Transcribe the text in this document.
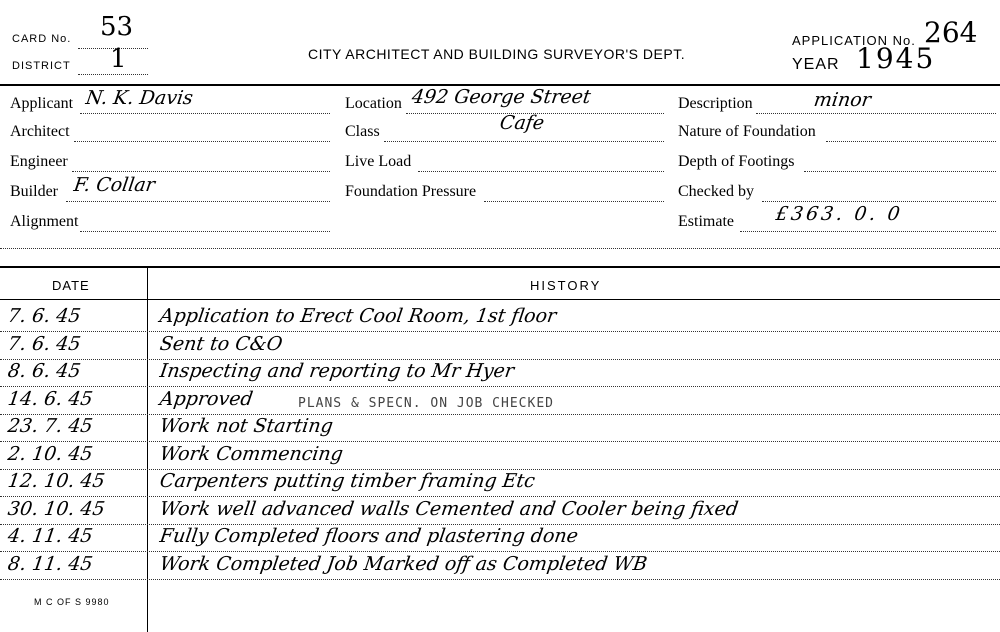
CARD No. 53
DISTRICT 1	CITY ARCHITECT AND BUILDING SURVEYOR'S DEPT.
APPLICATION No. 264
YEAR 1945
Applicant N. K. Davis
Architect
Engineer
Builder F. Collar
Alignment
Location 492 George Street
Class	Cafe
Live Load
Foundation Pressure
Description	minor
Nature of Foundation
Depth of Footings
Checked by
Estimate £363. 0. 0
DATE	HISTORY
7. 6. 45	Application to Erect Cool Room, 1st floor
7. 6. 45	Sent to C&O
8. 6. 45	Inspecting and reporting to Mr Hyer
14. 6. 45	Approved
23. 7. 45	Work not Starting
2. 10. 45	Work Commencing
12. 10. 45	Carpenters putting timber framing Etc
30. 10. 45	Work well advanced walls Cemented and Cooler being fixed
4. 11. 45	Fully Completed floors and plastering done
8. 11. 45	Work Completed Job Marked off as Completed WB
PLANS & SPECN. ON JOB CHECKED
M C OF S 9980
